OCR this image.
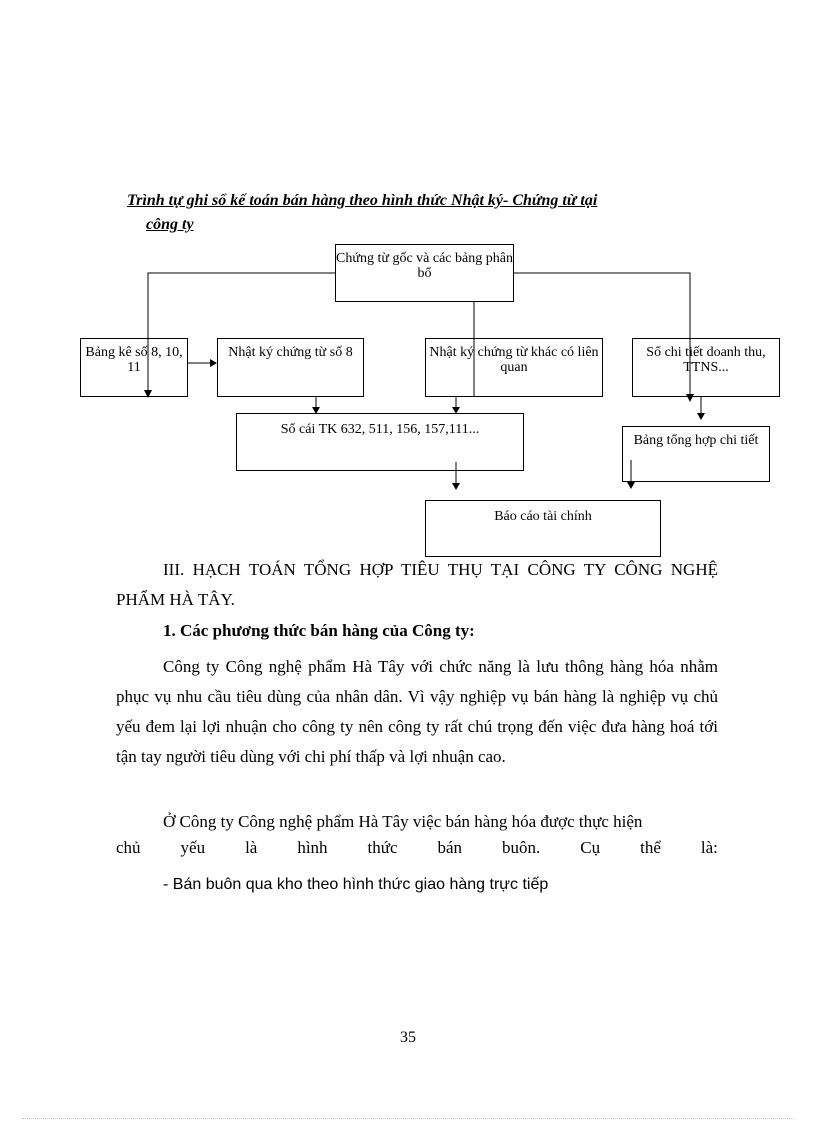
Trình tự ghi sổ kế toán bán hàng theo hình thức Nhật ký- Chứng từ tại
công ty
Chứng từ gốc và các bảng phân bổ
Bảng kê số 8, 10, 11
Nhật ký chứng từ số 8	Nhật ký chứng từ khác có liên quan
Sổ chi tiết doanh thu, TTNS...
Sổ cái TK 632, 511, 156, 157,111...
Bảng tổng hợp chi tiết
Báo cáo tài chính
III. HẠCH TOÁN TỔNG HỢP TIÊU THỤ TẠI CÔNG TY CÔNG NGHỆ PHẨM HÀ TÂY.
1. Các phương thức bán hàng của Công ty:
Công ty Công nghệ phẩm Hà Tây với chức năng là lưu thông hàng hóa nhằm phục vụ nhu cầu tiêu dùng của nhân dân. Vì vậy nghiệp vụ bán hàng là nghiệp vụ chủ yếu đem lại lợi nhuận cho công ty nên công ty rất chú trọng đến việc đưa hàng hoá tới tận tay người tiêu dùng với chi phí thấp và lợi nhuận cao.
Ở Công ty Công nghệ phẩm Hà Tây việc bán hàng hóa được thực hiện
chủ yếu là hình thức bán buôn. Cụ thể là:
- Bán buôn qua kho theo hình thức giao hàng trực tiếp
35
